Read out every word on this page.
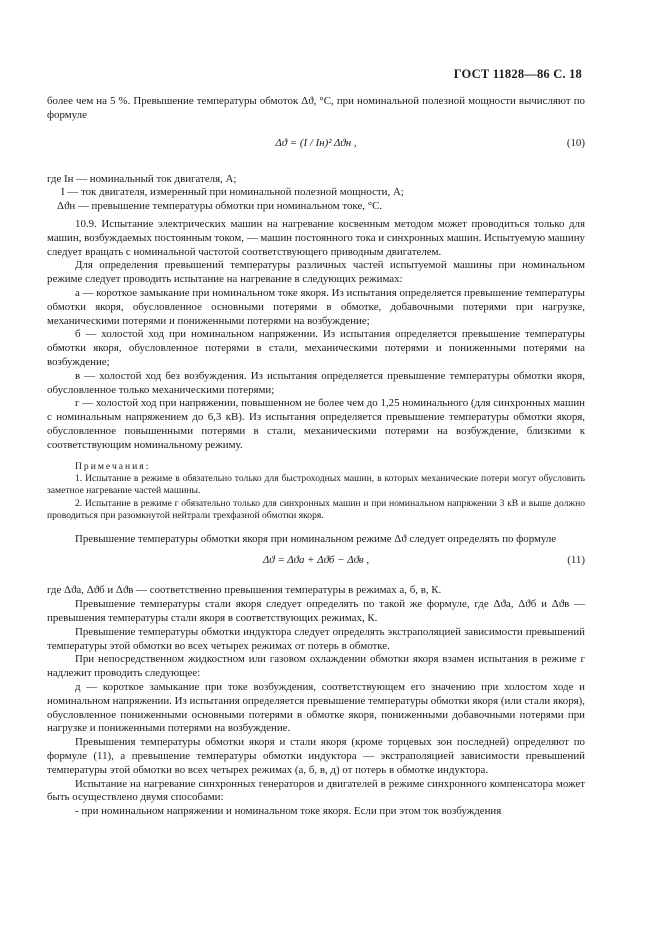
ГОСТ 11828—86 С. 18

более чем на 5 %. Превышение температуры обмоток Δϑ, °С, при номинальной полезной мощности вычисляют по формуле

Δϑ = (I / Iн)² Δϑн ,	(10)

где Iн — номинальный ток двигателя, А;

I — ток двигателя, измеренный при номинальной полезной мощности, А;

Δϑн — превышение температуры обмотки при номинальном токе, °С.

10.9. Испытание электрических машин на нагревание косвенным методом может проводиться только для машин, возбуждаемых постоянным током, — машин постоянного тока и синхронных машин. Испытуемую машину следует вращать с номинальной частотой соответствующего приводным двигателем.

Для определения превышений температуры различных частей испытуемой машины при номинальном режиме следует проводить испытание на нагревание в следующих режимах:

а — короткое замыкание при номинальном токе якоря. Из испытания определяется превышение температуры обмотки якоря, обусловленное основными потерями в обмотке, добавочными потерями при нагрузке, механическими потерями и пониженными потерями на возбуждение;

б — холостой ход при номинальном напряжении. Из испытания определяется превышение температуры обмотки якоря, обусловленное потерями в стали, механическими потерями и пониженными потерями на возбуждение;

в — холостой ход без возбуждения. Из испытания определяется превышение температуры обмотки якоря, обусловленное только механическими потерями;

г — холостой ход при напряжении, повышенном не более чем до 1,25 номинального (для синхронных машин с номинальным напряжением до 6,3 кВ). Из испытания определяется превышение температуры обмотки якоря, обусловленное повышенными потерями в стали, механическими потерями на возбуждение, близкими к соответствующим номинальному режиму.

Примечания:

1. Испытание в режиме в обязательно только для быстроходных машин, в которых механические потери могут обусловить заметное нагревание частей машины.

2. Испытание в режиме г обязательно только для синхронных машин и при номинальном напряжении 3 кВ и выше должно проводиться при разомкнутой нейтрали трехфазной обмотки якоря.

Превышение температуры обмотки якоря при номинальном режиме Δϑ следует определять по формуле

Δϑ = Δϑа + Δϑб − Δϑв ,	(11)

где Δϑа, Δϑб и Δϑв — соответственно превышения температуры в режимах а, б, в, К.

Превышение температуры стали якоря следует определять по такой же формуле, где Δϑа, Δϑб и Δϑв — превышения температуры стали якоря в соответствующих режимах, К.

Превышение температуры обмотки индуктора следует определять экстраполяцией зависимости превышений температуры этой обмотки во всех четырех режимах от потерь в обмотке.

При непосредственном жидкостном или газовом охлаждении обмотки якоря взамен испытания в режиме г надлежит проводить следующее:

д — короткое замыкание при токе возбуждения, соответствующем его значению при холостом ходе и номинальном напряжении. Из испытания определяется превышение температуры обмотки якоря (или стали якоря), обусловленное пониженными основными потерями в обмотке якоря, пониженными добавочными потерями при нагрузке и пониженными потерями на возбуждение.

Превышения температуры обмотки якоря и стали якоря (кроме торцевых зон последней) определяют по формуле (11), а превышение температуры обмотки индуктора — экстраполяцией зависимости превышений температуры этой обмотки во всех четырех режимах (а, б, в, д) от потерь в обмотке индуктора.

Испытание на нагревание синхронных генераторов и двигателей в режиме синхронного компенсатора может быть осуществлено двумя способами:

- при номинальном напряжении и номинальном токе якоря. Если при этом ток возбуждения
